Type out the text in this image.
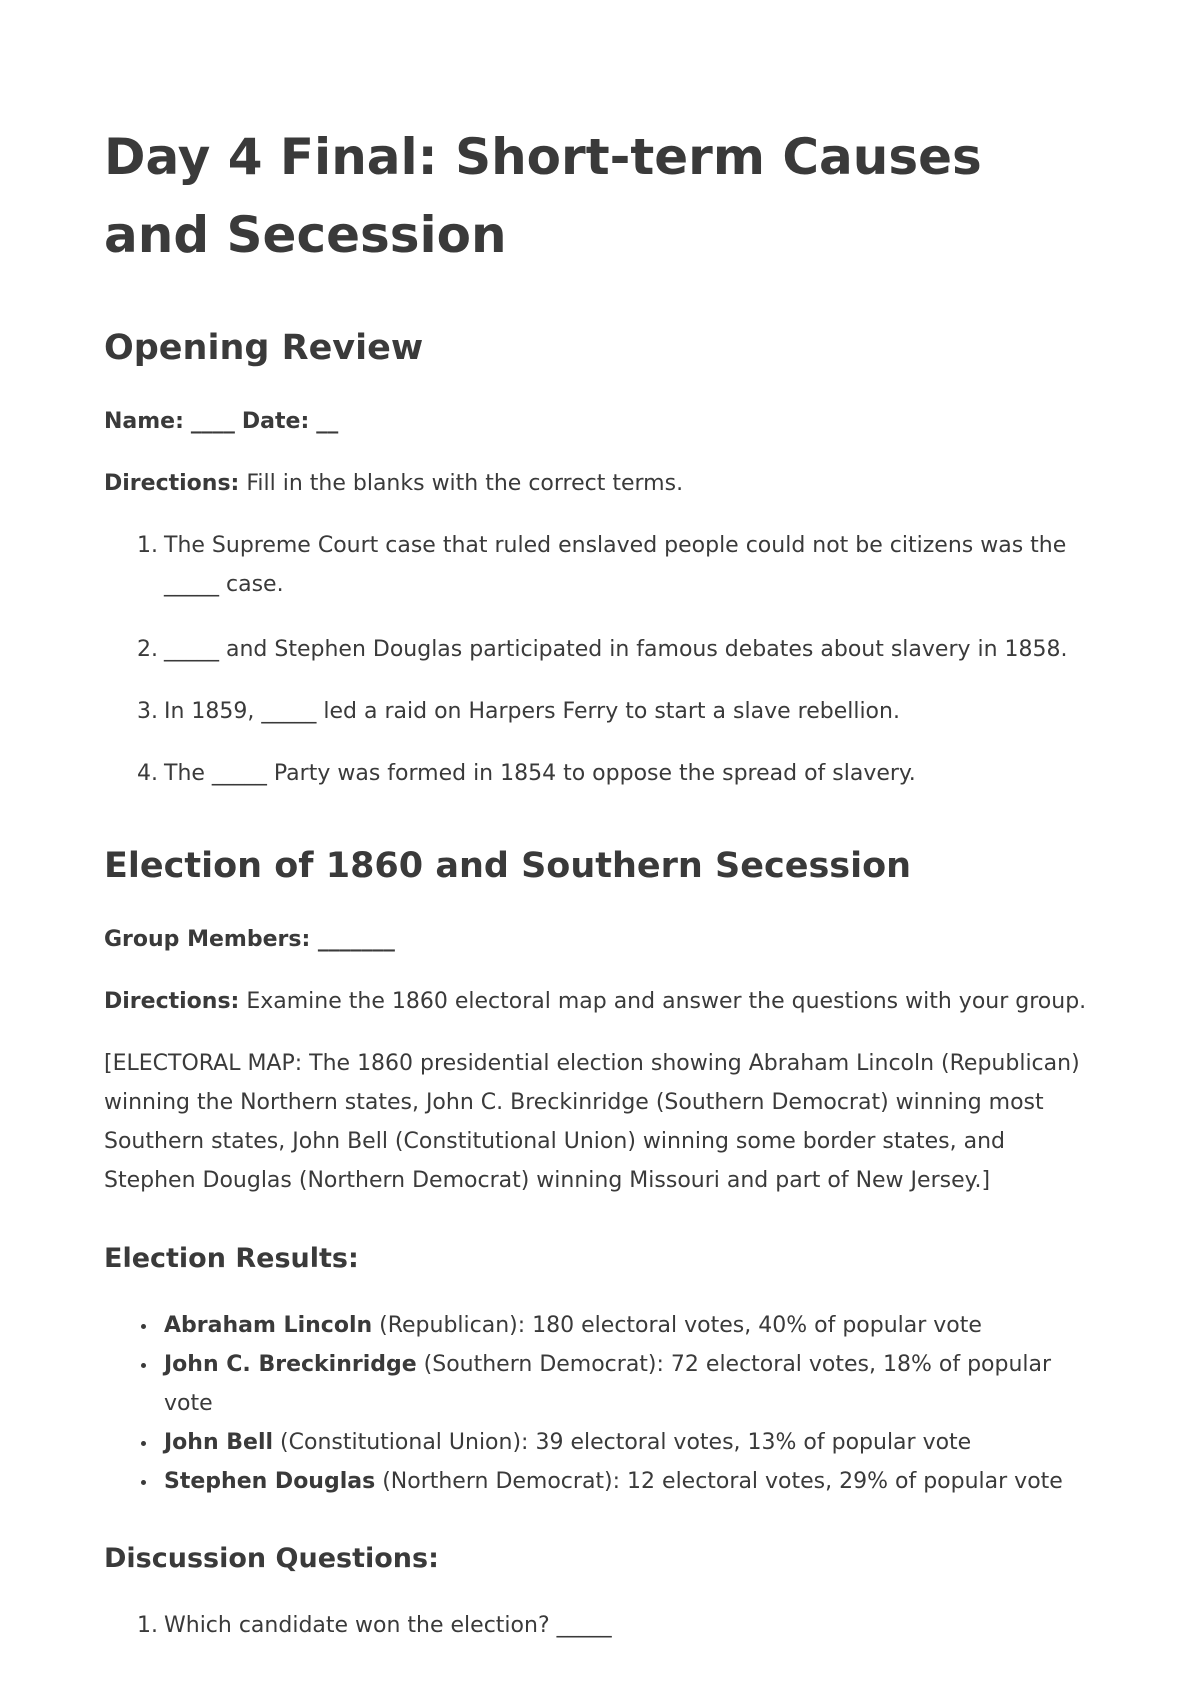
Day 4 Final: Short-term Causes and Secession
Opening Review

Name: ____ Date: __

Directions: Fill in the blanks with the correct terms.

1. The Supreme Court case that ruled enslaved people could not be citizens was the
_____ case.
2. _____ and Stephen Douglas participated in famous debates about slavery in 1858.
3. In 1859, _____ led a raid on Harpers Ferry to start a slave rebellion.
4. The _____ Party was formed in 1854 to oppose the spread of slavery.
Election of 1860 and Southern Secession

Group Members: _______

Directions: Examine the 1860 electoral map and answer the questions with your group.

[ELECTORAL MAP: The 1860 presidential election showing Abraham Lincoln (Republican)
winning the Northern states, John C. Breckinridge (Southern Democrat) winning most
Southern states, John Bell (Constitutional Union) winning some border states, and
Stephen Douglas (Northern Democrat) winning Missouri and part of New Jersey.]

Election Results:
Abraham Lincoln (Republican): 180 electoral votes, 40% of popular vote
John C. Breckinridge (Southern Democrat): 72 electoral votes, 18% of popular
vote
John Bell (Constitutional Union): 39 electoral votes, 13% of popular vote
Stephen Douglas (Northern Democrat): 12 electoral votes, 29% of popular vote
Discussion Questions:
1. Which candidate won the election? _____
